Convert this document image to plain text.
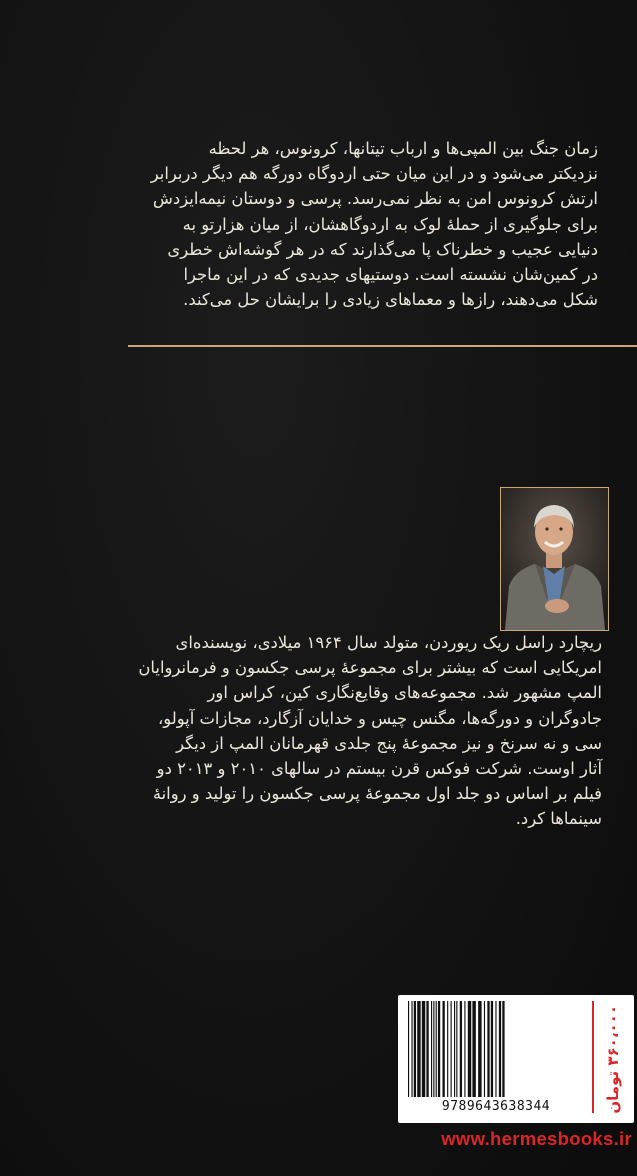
زمان جنگ بین المپی‌ها و ارباب تیتانها، کرونوس، هر لحظه
نزدیکتر می‌شود و در این میان حتی اردوگاه دورگه هم دیگر دربرابر
ارتش کرونوس امن به نظر نمی‌رسد. پرسی و دوستان نیمه‌ایزدش
برای جلوگیری از حملهٔ لوک به اردوگاهشان، از میان هزارتو به
دنیایی عجیب و خطرناک پا می‌گذارند که در هر گوشه‌اش خطری
در کمین‌شان نشسته است. دوستیهای جدیدی که در این ماجرا
شکل می‌دهند، رازها و معماهای زیادی را برایشان حل می‌کند.
ریچارد راسل ریک ریوردن، متولد سال ۱۹۶۴ میلادی، نویسنده‌ای
امریکایی است که بیشتر برای مجموعهٔ پرسی جکسون و فرمانروایان
المپ مشهور شد. مجموعه‌های وقایع‌نگاری کین، کراس اور
جادوگران و دورگه‌ها، مگنس چیس و خدایان آزگارد، مجازات آپولو،
سی و نه سرنخ و نیز مجموعهٔ پنج جلدی قهرمانان المپ از دیگر
آثار اوست. شرکت فوکس قرن بیستم در سالهای ۲۰۱۰ و ۲۰۱۳ دو
فیلم بر اساس دو جلد اول مجموعهٔ پرسی جکسون را تولید و روانهٔ
سینماها کرد.
9789643638344	۳۶۰،۰۰۰ تومان
www.hermesbooks.ir
